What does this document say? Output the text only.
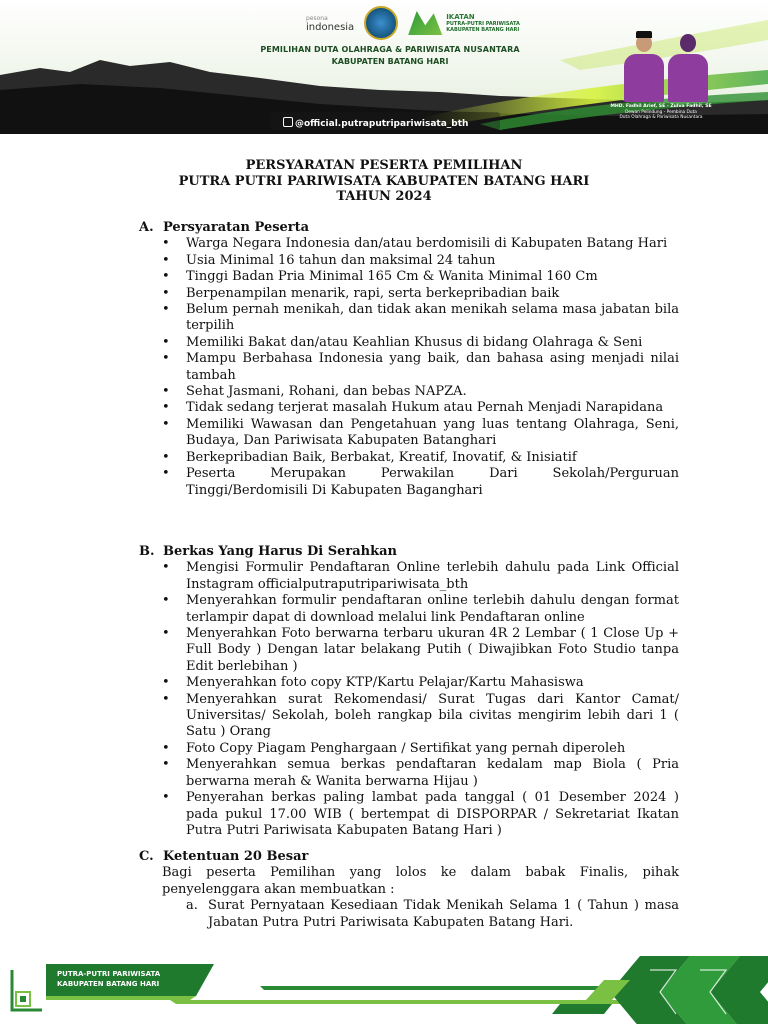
pesona
indonesia
IKATAN
PUTRA-PUTRI PARIWISATA
KABUPATEN BATANG HARI
PEMILIHAN DUTA OLAHRAGA & PARIWISATA NUSANTARA
KABUPATEN BATANG HARI
MHD. Fadhil Arief, SE - Zulva Fadhil, SE
Dewan Pelindung - Pembina Duta
Duta Olahraga & Pariwisata Nusantara
@official.putraputripariwisata_bth
PERSYARATAN PESERTA PEMILIHAN
PUTRA PUTRI PARIWISATA KABUPATEN BATANG HARI
TAHUN 2024
A. Persyaratan Peserta
• Warga Negara Indonesia dan/atau berdomisili di Kabupaten Batang Hari
• Usia Minimal 16 tahun dan maksimal 24 tahun
• Tinggi Badan Pria Minimal 165 Cm & Wanita Minimal 160 Cm
• Berpenampilan menarik, rapi, serta berkepribadian baik
• Belum pernah menikah, dan tidak akan menikah selama masa jabatan bila terpilih
• Memiliki Bakat dan/atau Keahlian Khusus di bidang Olahraga & Seni
• Mampu Berbahasa Indonesia yang baik, dan bahasa asing menjadi nilai tambah
• Sehat Jasmani, Rohani, dan bebas NAPZA.
• Tidak sedang terjerat masalah Hukum atau Pernah Menjadi Narapidana
• Memiliki Wawasan dan Pengetahuan yang luas tentang Olahraga, Seni, Budaya, Dan Pariwisata Kabupaten Batanghari
• Berkepribadian Baik, Berbakat, Kreatif, Inovatif, & Inisiatif
• Peserta Merupakan Perwakilan Dari Sekolah/Perguruan Tinggi/Berdomisili Di Kabupaten Baganghari
B. Berkas Yang Harus Di Serahkan
• Mengisi Formulir Pendaftaran Online terlebih dahulu pada Link Official Instagram officialputraputripariwisata_bth
• Menyerahkan formulir pendaftaran online terlebih dahulu dengan format terlampir dapat di download melalui link Pendaftaran online
• Menyerahkan Foto berwarna terbaru ukuran 4R 2 Lembar ( 1 Close Up + Full Body ) Dengan latar belakang Putih ( Diwajibkan Foto Studio tanpa Edit berlebihan )
• Menyerahkan foto copy KTP/Kartu Pelajar/Kartu Mahasiswa
• Menyerahkan surat Rekomendasi/ Surat Tugas dari Kantor Camat/ Universitas/ Sekolah, boleh rangkap bila civitas mengirim lebih dari 1 ( Satu ) Orang
• Foto Copy Piagam Penghargaan / Sertifikat yang pernah diperoleh
• Menyerahkan semua berkas pendaftaran kedalam map Biola ( Pria berwarna merah & Wanita berwarna Hijau )
• Penyerahan berkas paling lambat pada tanggal ( 01 Desember 2024 ) pada pukul 17.00 WIB ( bertempat di DISPORPAR / Sekretariat Ikatan Putra Putri Pariwisata Kabupaten Batang Hari )
C. Ketentuan 20 Besar
Bagi peserta Pemilihan yang lolos ke dalam babak Finalis, pihak penyelenggara akan membuatkan :
a. Surat Pernyataan Kesediaan Tidak Menikah Selama 1 ( Tahun ) masa Jabatan Putra Putri Pariwisata Kabupaten Batang Hari.
PUTRA-PUTRI PARIWISATA
KABUPATEN BATANG HARI
